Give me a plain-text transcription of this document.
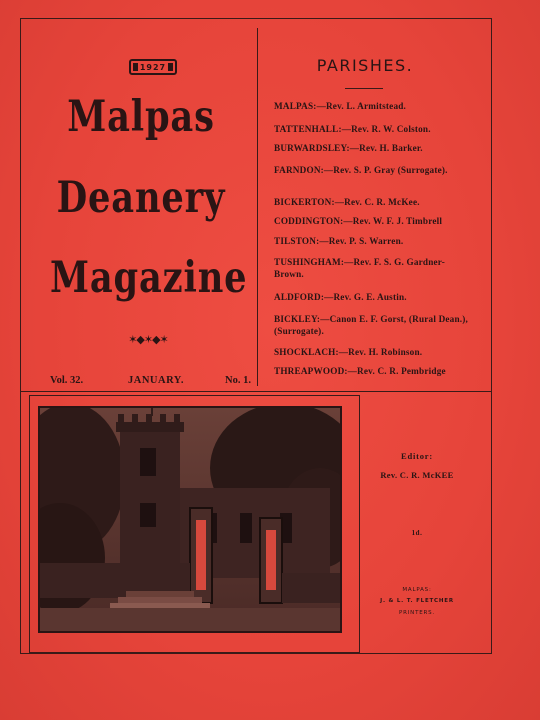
1927
Malpas
Deanery
Magazine
✶◆✶◆✶
Vol. 32.	JANUARY.	No. 1.
PARISHES.
MALPAS:—Rev. L. Armitstead.
TATTENHALL:—Rev. R. W. Colston.
BURWARDSLEY:—Rev. H. Barker.
FARNDON:—Rev. S. P. Gray (Surrogate).
BICKERTON:—Rev. C. R. McKee.
CODDINGTON:—Rev. W. F. J. Timbrell
TILSTON:—Rev. P. S. Warren.
TUSHINGHAM:—Rev. F. S. G. Gardner-Brown.
ALDFORD:—Rev. G. E. Austin.
BICKLEY:—Canon E. F. Gorst, (Rural Dean.), (Surrogate).
SHOCKLACH:—Rev. H. Robinson.
THREAPWOOD:—Rev. C. R. Pembridge
Editor:
Rev. C. R. McKEE
1d.
MALPAS:
J. & L. T. FLETCHER
PRINTERS.
